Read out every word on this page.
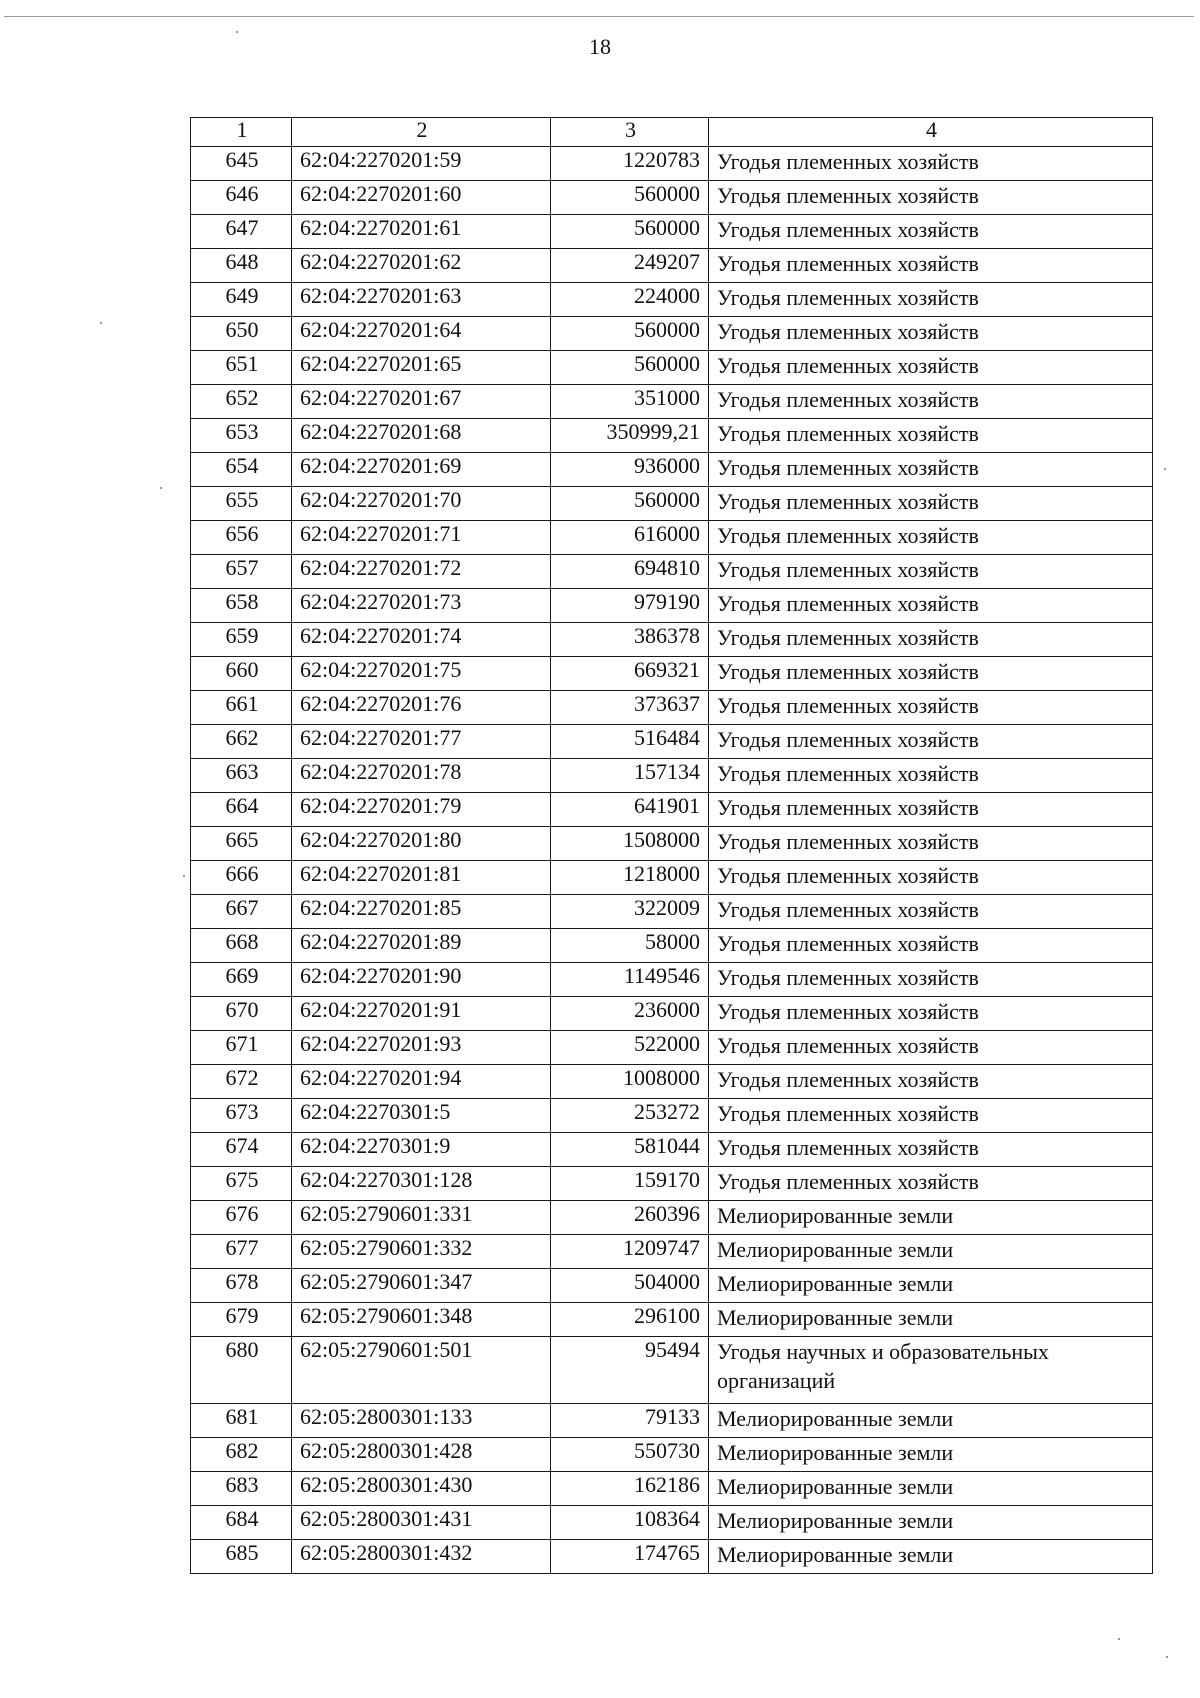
18
1	2	3	4
645	62:04:2270201:59	1220783	Угодья племенных хозяйств
646	62:04:2270201:60	560000	Угодья племенных хозяйств
647	62:04:2270201:61	560000	Угодья племенных хозяйств
648	62:04:2270201:62	249207	Угодья племенных хозяйств
649	62:04:2270201:63	224000	Угодья племенных хозяйств
650	62:04:2270201:64	560000	Угодья племенных хозяйств
651	62:04:2270201:65	560000	Угодья племенных хозяйств
652	62:04:2270201:67	351000	Угодья племенных хозяйств
653	62:04:2270201:68	350999,21	Угодья племенных хозяйств
654	62:04:2270201:69	936000	Угодья племенных хозяйств
655	62:04:2270201:70	560000	Угодья племенных хозяйств
656	62:04:2270201:71	616000	Угодья племенных хозяйств
657	62:04:2270201:72	694810	Угодья племенных хозяйств
658	62:04:2270201:73	979190	Угодья племенных хозяйств
659	62:04:2270201:74	386378	Угодья племенных хозяйств
660	62:04:2270201:75	669321	Угодья племенных хозяйств
661	62:04:2270201:76	373637	Угодья племенных хозяйств
662	62:04:2270201:77	516484	Угодья племенных хозяйств
663	62:04:2270201:78	157134	Угодья племенных хозяйств
664	62:04:2270201:79	641901	Угодья племенных хозяйств
665	62:04:2270201:80	1508000	Угодья племенных хозяйств
666	62:04:2270201:81	1218000	Угодья племенных хозяйств
667	62:04:2270201:85	322009	Угодья племенных хозяйств
668	62:04:2270201:89	58000	Угодья племенных хозяйств
669	62:04:2270201:90	1149546	Угодья племенных хозяйств
670	62:04:2270201:91	236000	Угодья племенных хозяйств
671	62:04:2270201:93	522000	Угодья племенных хозяйств
672	62:04:2270201:94	1008000	Угодья племенных хозяйств
673	62:04:2270301:5	253272	Угодья племенных хозяйств
674	62:04:2270301:9	581044	Угодья племенных хозяйств
675	62:04:2270301:128	159170	Угодья племенных хозяйств
676	62:05:2790601:331	260396	Мелиорированные земли
677	62:05:2790601:332	1209747	Мелиорированные земли
678	62:05:2790601:347	504000	Мелиорированные земли
679	62:05:2790601:348	296100	Мелиорированные земли
680	62:05:2790601:501	95494	Угодья научных и образовательных организаций
681	62:05:2800301:133	79133	Мелиорированные земли
682	62:05:2800301:428	550730	Мелиорированные земли
683	62:05:2800301:430	162186	Мелиорированные земли
684	62:05:2800301:431	108364	Мелиорированные земли
685	62:05:2800301:432	174765	Мелиорированные земли
